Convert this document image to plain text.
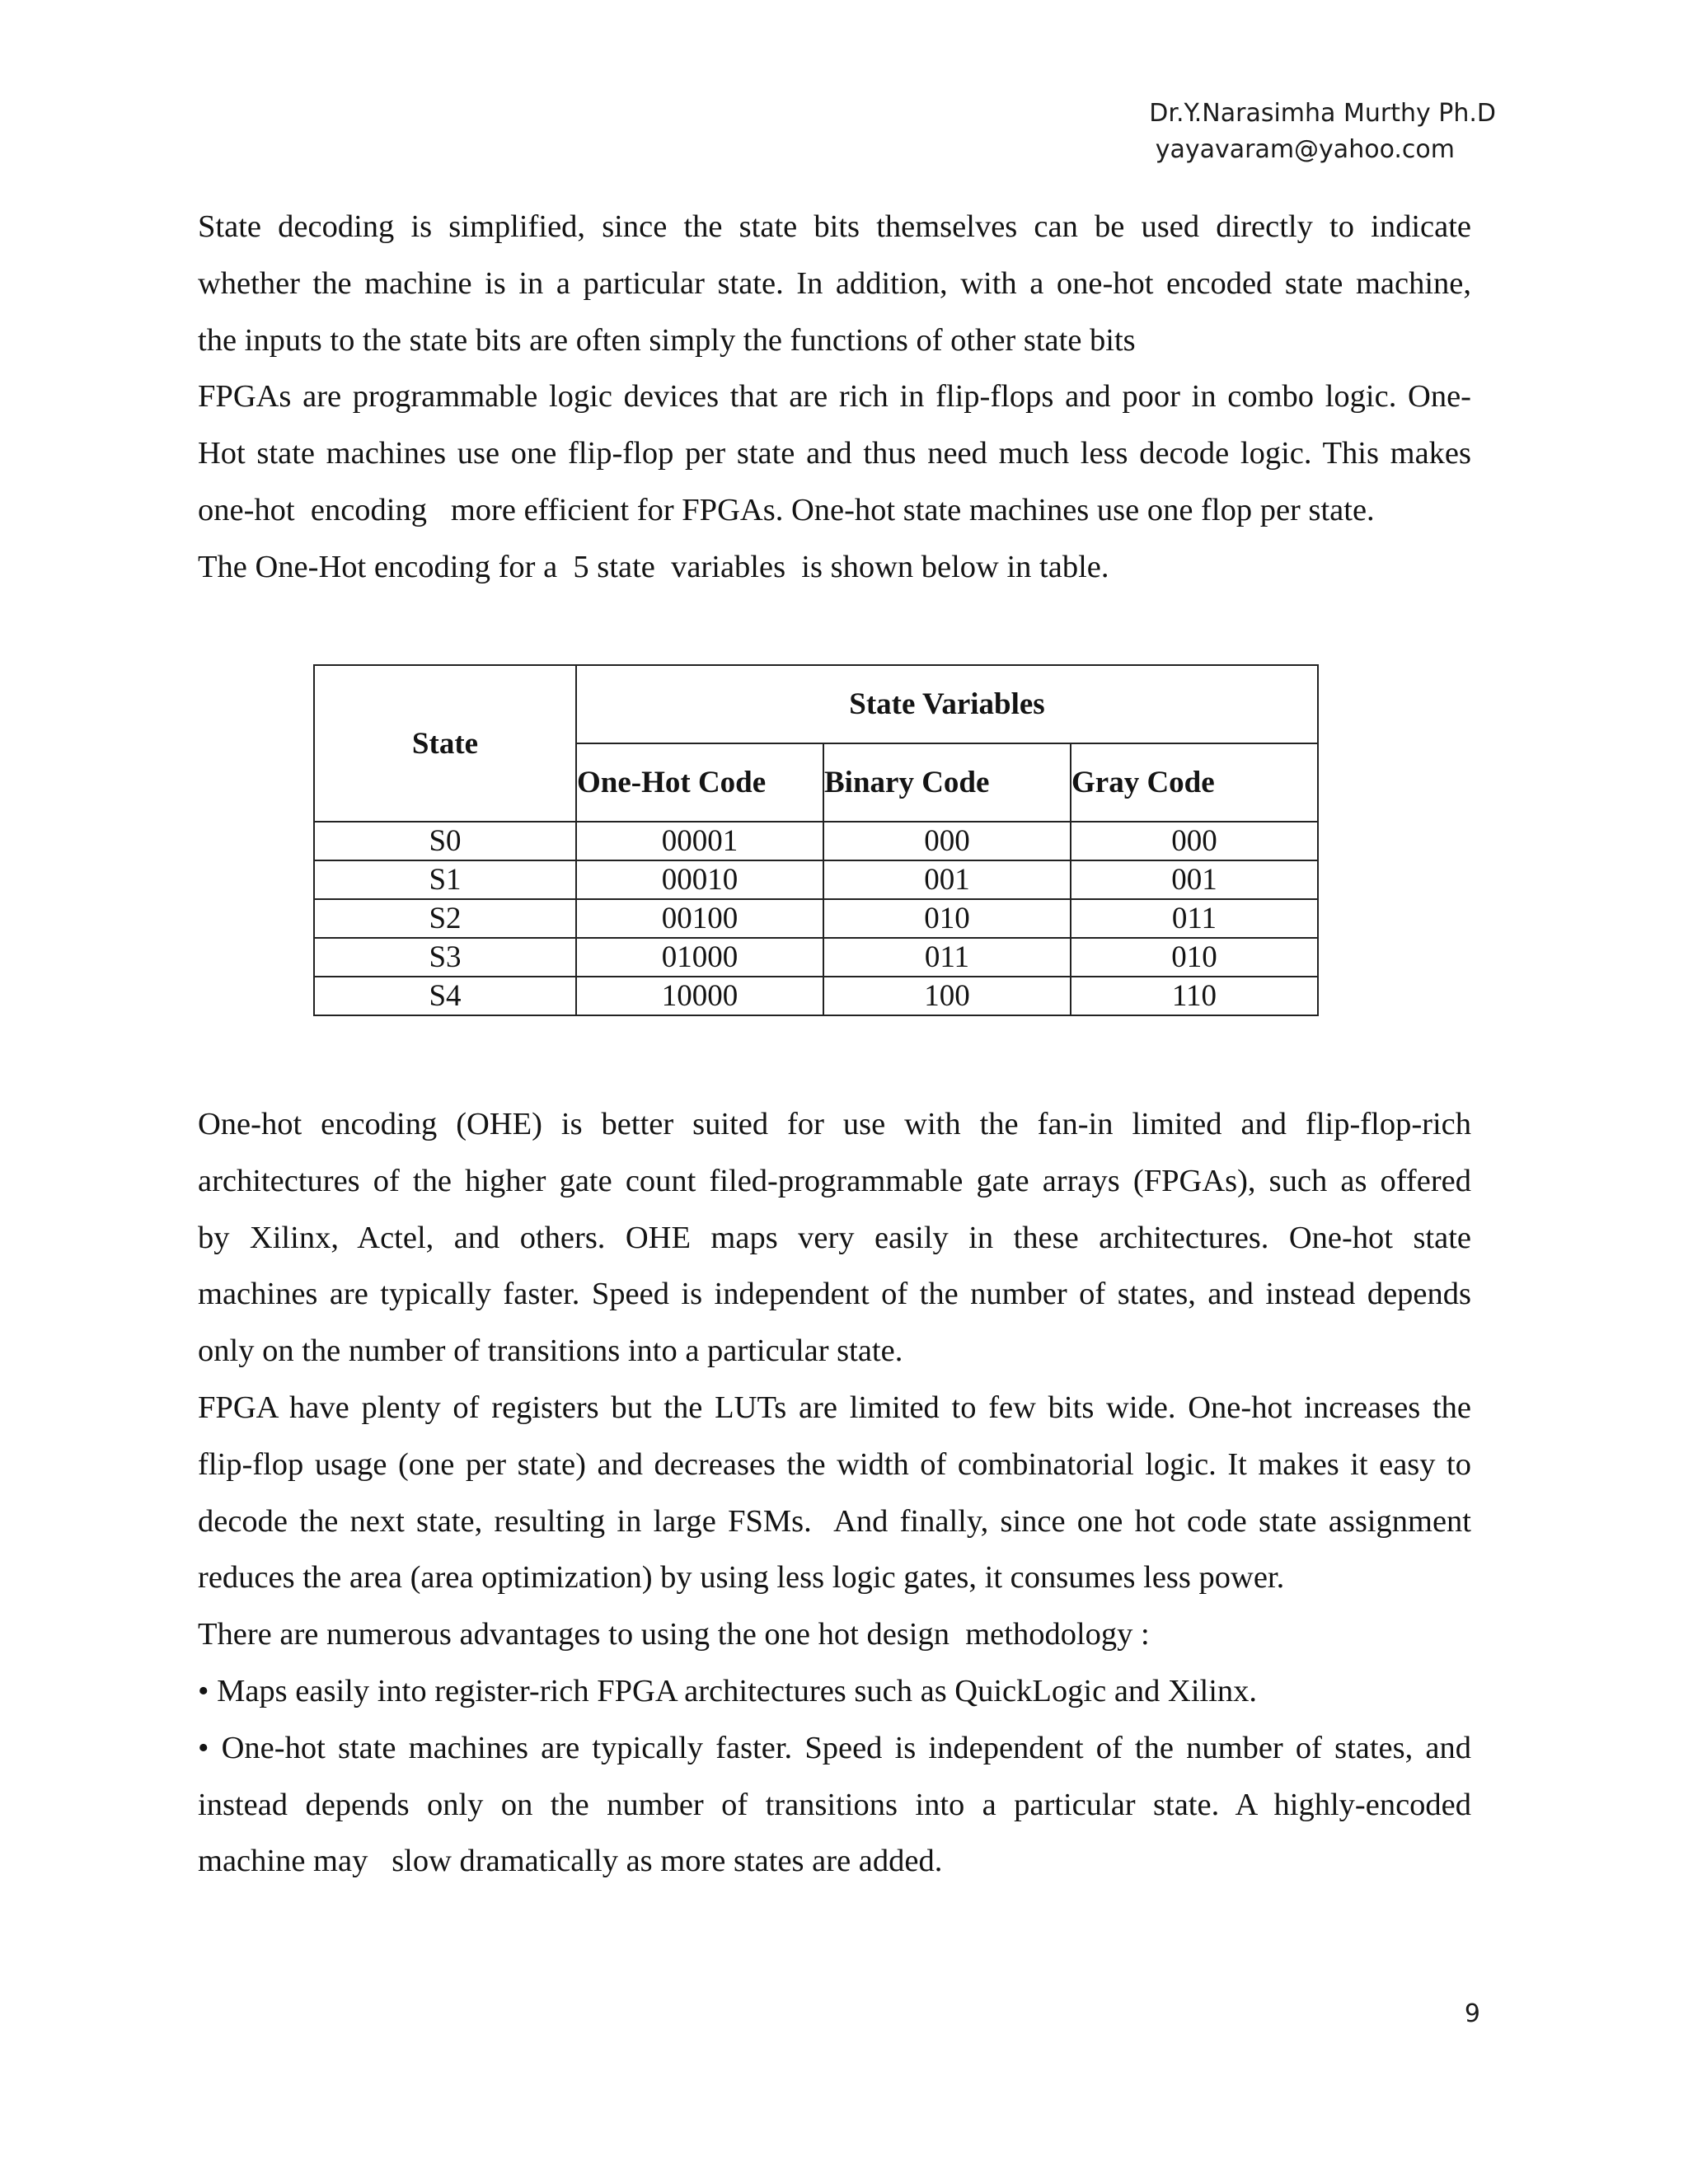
Dr.Y.Narasimha Murthy Ph.D
yayavaram@yahoo.com

State decoding is simplified, since the state bits themselves can be used directly to indicate

whether the machine is in a particular state. In addition, with a one-hot encoded state machine,

the inputs to the state bits are often simply the functions of other state bits

FPGAs are programmable logic devices that are rich in flip-flops and poor in combo logic. One-

Hot state machines use one flip-flop per state and thus need much less decode logic. This makes

one-hot  encoding   more efficient for FPGAs. One-hot state machines use one flop per state.

The One-Hot encoding for a  5 state  variables  is shown below in table.

State	State Variables		
	One-Hot Code	Binary Code	Gray Code
S0	00001	000	000
S1	00010	001	001
S2	00100	010	011
S3	01000	011	010
S4	10000	100	110

One-hot encoding (OHE) is better suited for use with the fan-in limited and flip-flop-rich

architectures of the higher gate count filed-programmable gate arrays (FPGAs), such as offered

by Xilinx, Actel, and others. OHE maps very easily in these architectures. One-hot state

machines are typically faster. Speed is independent of the number of states, and instead depends

only on the number of transitions into a particular state.

FPGA have plenty of registers but the LUTs are limited to few bits wide. One-hot increases the

flip-flop usage (one per state) and decreases the width of combinatorial logic. It makes it easy to

decode the next state, resulting in large FSMs.  And finally, since one hot code state assignment

reduces the area (area optimization) by using less logic gates, it consumes less power.

There are numerous advantages to using the one hot design  methodology :

• Maps easily into register-rich FPGA architectures such as QuickLogic and Xilinx.

• One-hot state machines are typically faster. Speed is independent of the number of states, and

instead depends only on the number of transitions into a particular state. A highly-encoded

machine may   slow dramatically as more states are added.

9
